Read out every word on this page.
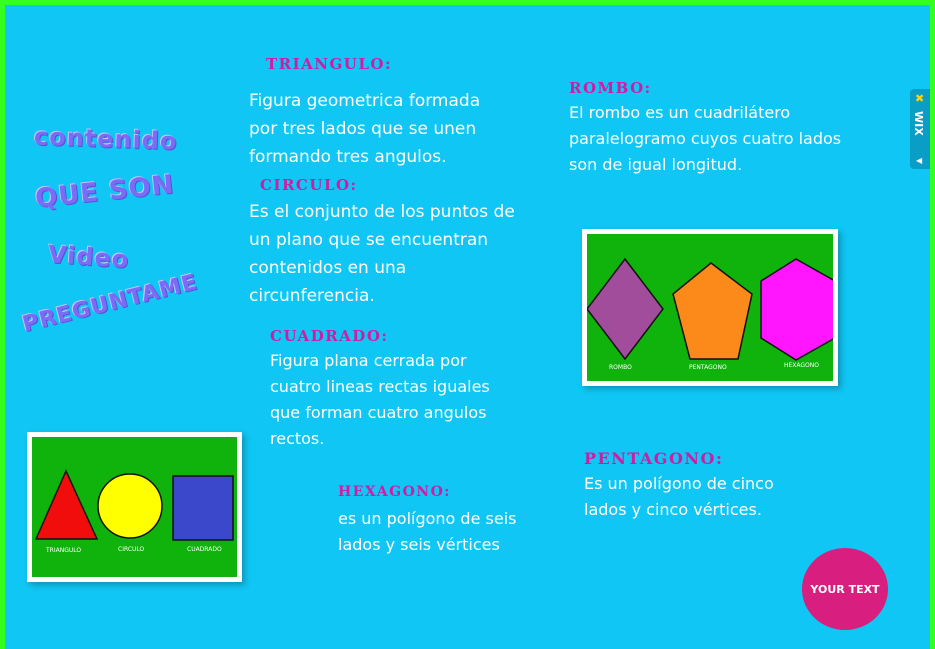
contenido
QUE SON
Video
PREGUNTAME
TRIANGULO:
Figura geometrica formada
por tres lados que se unen
formando tres angulos.
CIRCULO:
Es el conjunto de los puntos de
un plano que se encuentran
contenidos en una
circunferencia.
CUADRADO:
Figura plana cerrada por
cuatro lineas rectas iguales
que forman cuatro angulos
rectos.
HEXAGONO:
es un polígono de seis
lados y seis vértices
ROMBO:
El rombo es un cuadrilátero
paralelogramo cuyos cuatro lados
son de igual longitud.
PENTAGONO:
Es un polígono de cinco
lados y cinco vértices.
TRIANGULO	CIRCULO	CUADRADO
ROMBO	PENTAGONO	HEXAGONO
✖
WIX
◀
YOUR TEXT
